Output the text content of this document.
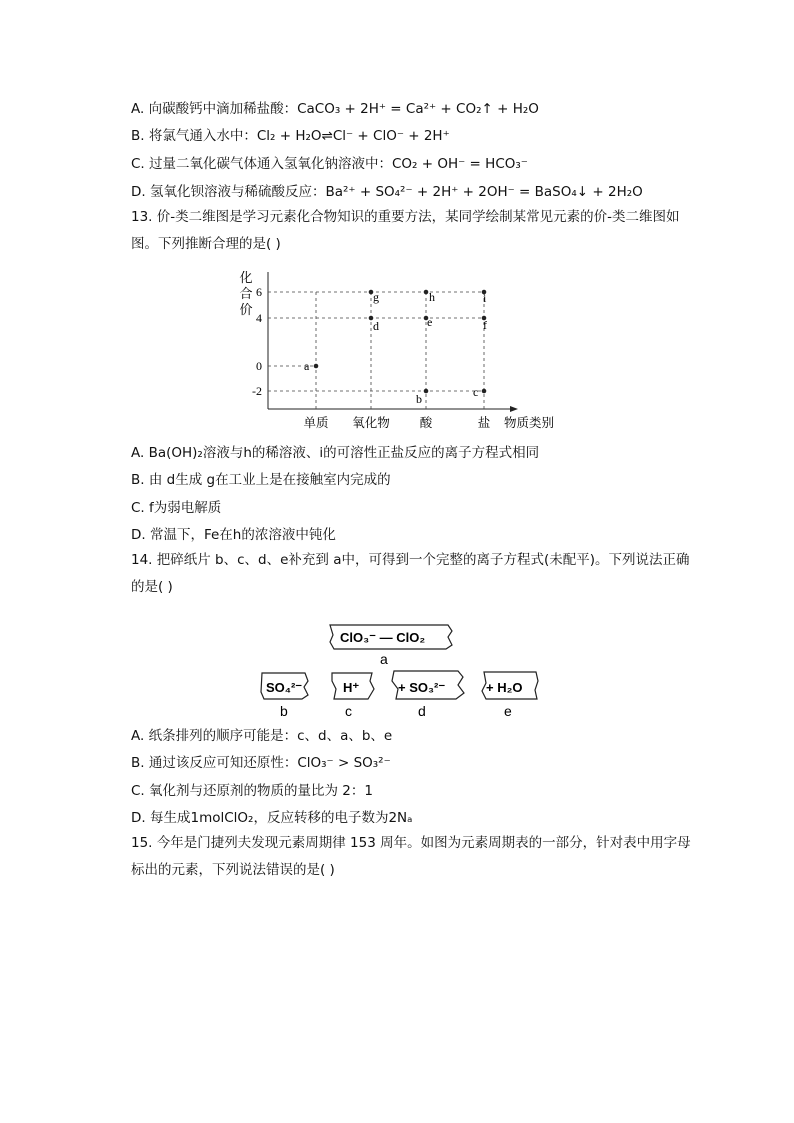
A. 向碳酸钙中滴加稀盐酸：CaCO₃ + 2H⁺ = Ca²⁺ + CO₂↑ + H₂O
B. 将氯气通入水中：Cl₂ + H₂O⇌Cl⁻ + ClO⁻ + 2H⁺
C. 过量二氧化碳气体通入氢氧化钠溶液中：CO₂ + OH⁻ = HCO₃⁻
D. 氢氧化钡溶液与稀硫酸反应：Ba²⁺ + SO₄²⁻ + 2H⁺ + 2OH⁻ = BaSO₄↓ + 2H₂O
13. 价-类二维图是学习元素化合物知识的重要方法，某同学绘制某常见元素的价-类二维图如图。下列推断合理的是( )
a
g
d
h
e
b
i
f
c
6
4
0
-2
单质 氧化物 酸	盐
化合价
物质类别
A. Ba(OH)₂溶液与h的稀溶液、i的可溶性正盐反应的离子方程式相同
B. 由 d生成 g在工业上是在接触室内完成的
C. f为弱电解质
D. 常温下，Fe在h的浓溶液中钝化
14. 把碎纸片 b、c、d、e补充到 a中，可得到一个完整的离子方程式(未配平)。下列说法正确的是( )
ClO₃⁻ — ClO₂
a
SO₄²⁻
b
H⁺
c
+ SO₃²⁻
d
+ H₂O
e
A. 纸条排列的顺序可能是：c、d、a、b、e
B. 通过该反应可知还原性：ClO₃⁻ > SO₃²⁻
C. 氧化剂与还原剂的物质的量比为 2：1
D. 每生成1molClO₂，反应转移的电子数为2Nₐ
15. 今年是门捷列夫发现元素周期律 153 周年。如图为元素周期表的一部分，针对表中用字母标出的元素，下列说法错误的是( )
